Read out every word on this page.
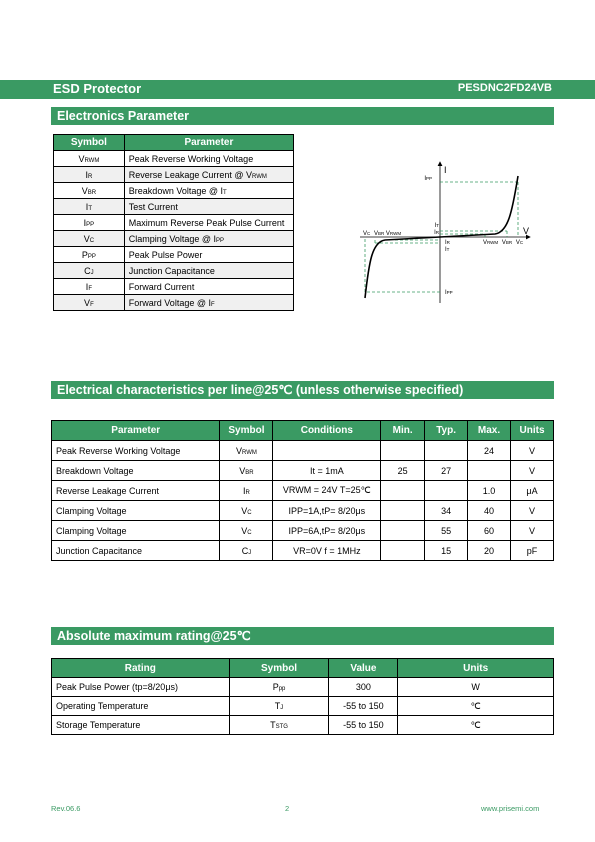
ESD Protector	PESDNC2FD24VB
Electronics Parameter
Symbol	Parameter
VRWM	Peak Reverse Working Voltage
IR	Reverse Leakage Current @ VRWM
VBR	Breakdown Voltage @ IT
IT	Test Current
IPP	Maximum Reverse Peak Pulse Current
VC	Clamping Voltage @ IPP
PPP	Peak Pulse Power
CJ	Junction Capacitance
IF	Forward Current
VF	Forward Voltage @ IF
I
V
IPP
IT
IR
IR
IT
IPP
VC VBR VRWM
VRWM VBR VC
Electrical characteristics per line@25℃ (unless otherwise specified)
Parameter	Symbol	Conditions	Min.	Typ.	Max.	Units
Peak Reverse Working Voltage	VRWM				24	V
Breakdown Voltage	VBR	It = 1mA	25	27		V
Reverse Leakage Current	IR	VRWM = 24V T=25℃			1.0	μA
Clamping Voltage	VC	IPP=1A,tP= 8/20μs		34	40	V
Clamping Voltage	VC	IPP=6A,tP= 8/20μs		55	60	V
Junction Capacitance	CJ	VR=0V f = 1MHz		15	20	pF
Absolute maximum rating@25℃
Rating	Symbol	Value	Units
Peak Pulse Power (tp=8/20μs)	Ppp	300	W
Operating Temperature	TJ	-55 to 150	℃
Storage Temperature	TSTG	-55 to 150	℃
Rev.06.6	2	www.prisemi.com
